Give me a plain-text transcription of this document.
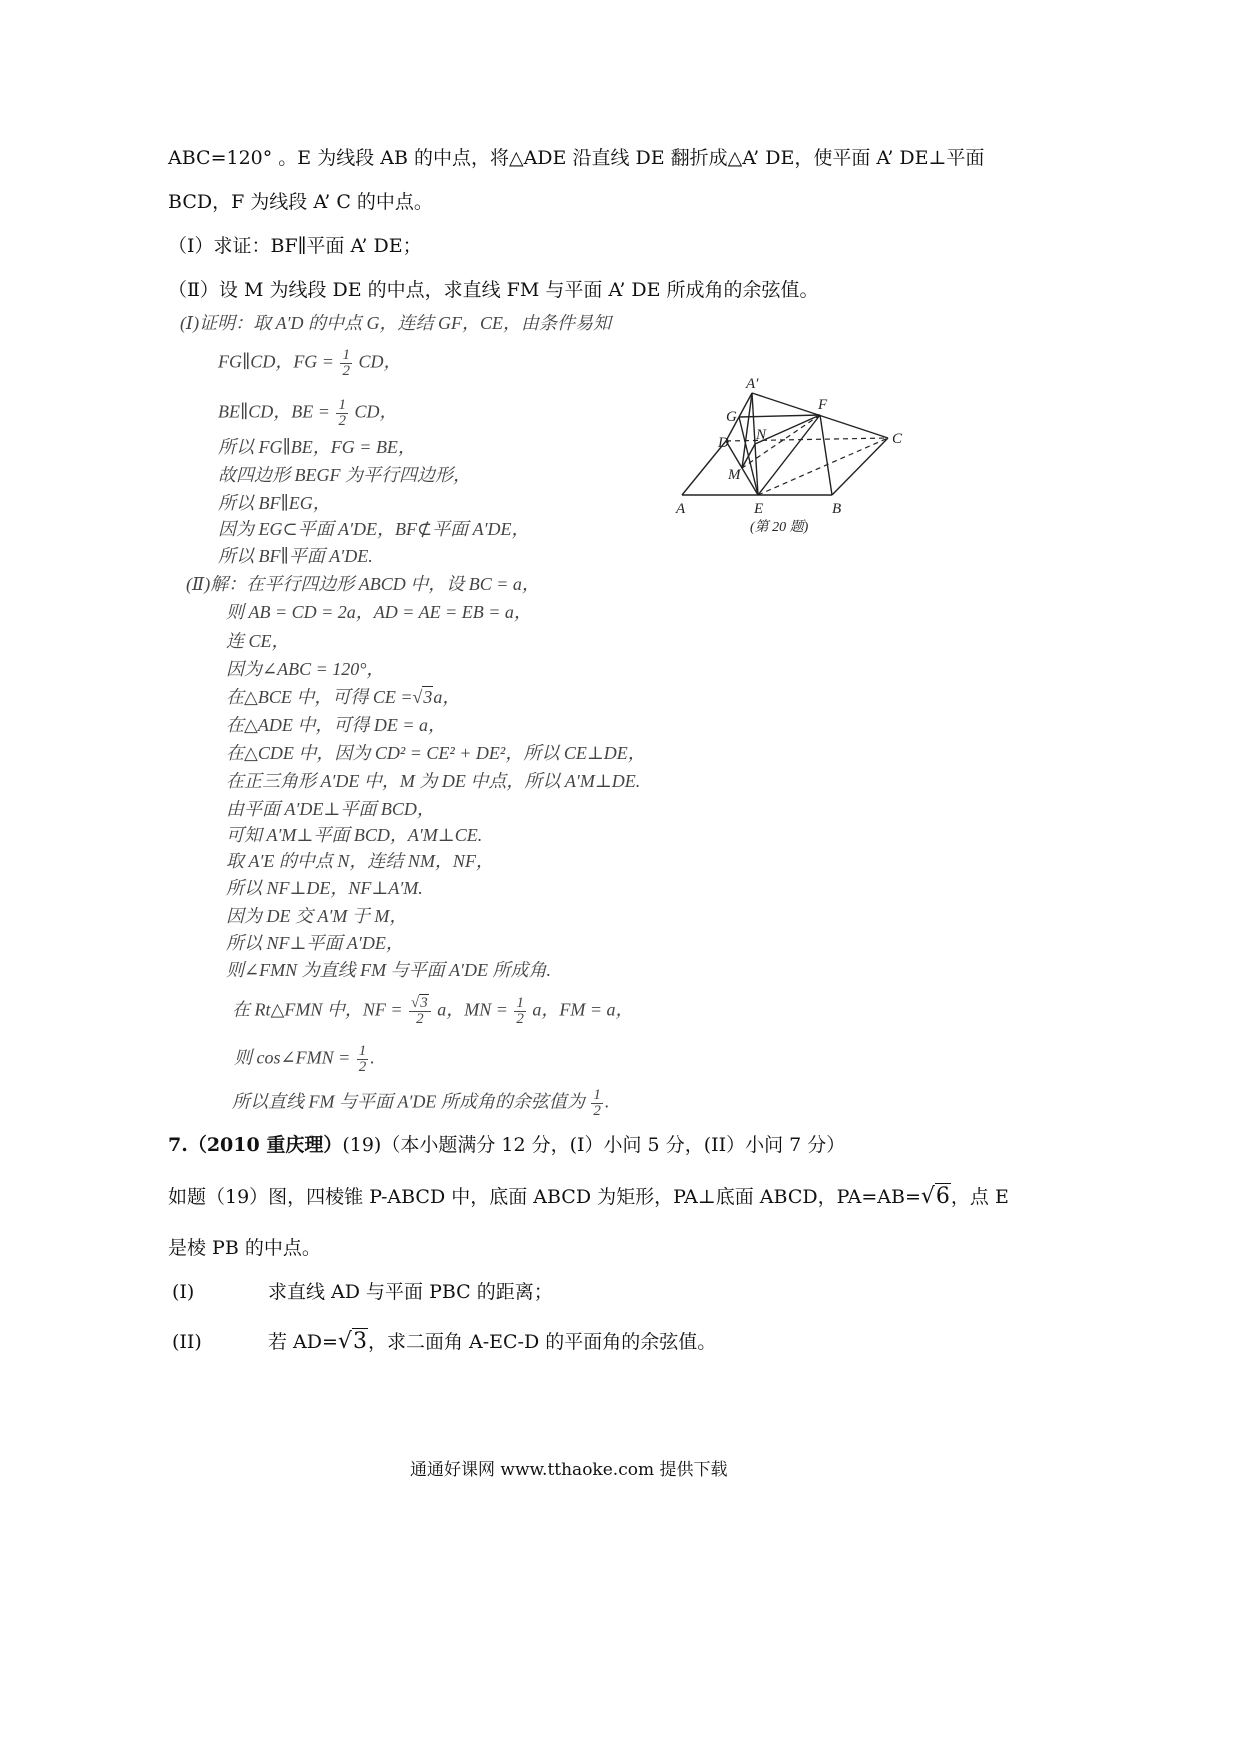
ABC=120° 。E 为线段 AB 的中点，将△ADE 沿直线 DE 翻折成△A’ DE，使平面 A’ DE⊥平面
BCD，F 为线段 A’ C 的中点。
（Ⅰ）求证：BF∥平面 A’ DE；
（Ⅱ）设 M 为线段 DE 的中点，求直线 FM 与平面 A’ DE 所成角的余弦值。
(Ⅰ)证明：取 A′D 的中点 G，连结 GF，CE，由条件易知
FG∥CD，FG = $\frac{1}{2}$ CD，
BE∥CD，BE = $\frac{1}{2}$ CD，
所以 FG∥BE，FG = BE，
故四边形 BEGF 为平行四边形，
所以 BF∥EG，
因为 EG⊂平面 A′DE，BF⊄平面 A′DE，
所以 BF∥平面 A′DE.
(Ⅱ)解：在平行四边形 ABCD 中，设 BC = a，
则 AB = CD = 2a，AD = AE = EB = a，
连 CE，
因为∠ABC = 120°，
在△BCE 中，可得 CE =√3a，
在△ADE 中，可得 DE = a，
在△CDE 中，因为 CD² = CE² + DE²，所以 CE⊥DE，
在正三角形 A′DE 中，M 为 DE 中点，所以 A′M⊥DE.
由平面 A′DE⊥平面 BCD，
可知 A′M⊥平面 BCD，A′M⊥CE.
取 A′E 的中点 N，连结 NM，NF，
所以 NF⊥DE，NF⊥A′M.
因为 DE 交 A′M 于 M，
所以 NF⊥平面 A′DE，
则∠FMN 为直线 FM 与平面 A′DE 所成角.
在 Rt△FMN 中，NF = $\frac{√3}{2}$ a，MN = $\frac{1}{2}$ a，FM = a，
则 cos∠FMN = $\frac{1}{2}$ .
所以直线 FM 与平面 A′DE 所成角的余弦值为 $\frac{1}{2}$ .
A′
G
F
D N	C
M
A	E	B
(第 20 题)
7.（2010 重庆理）(19)（本小题满分 12 分，(I）小问 5 分，(II）小问 7 分）
如题（19）图，四棱锥 P-ABCD 中，底面 ABCD 为矩形，PA⊥底面 ABCD，PA=AB=√6，点 E
是棱 PB 的中点。
(I)	求直线 AD 与平面 PBC 的距离；
(II)	若 AD=√3，求二面角 A-EC-D 的平面角的余弦值。
通通好课网 www.tthaoke.com 提供下载
